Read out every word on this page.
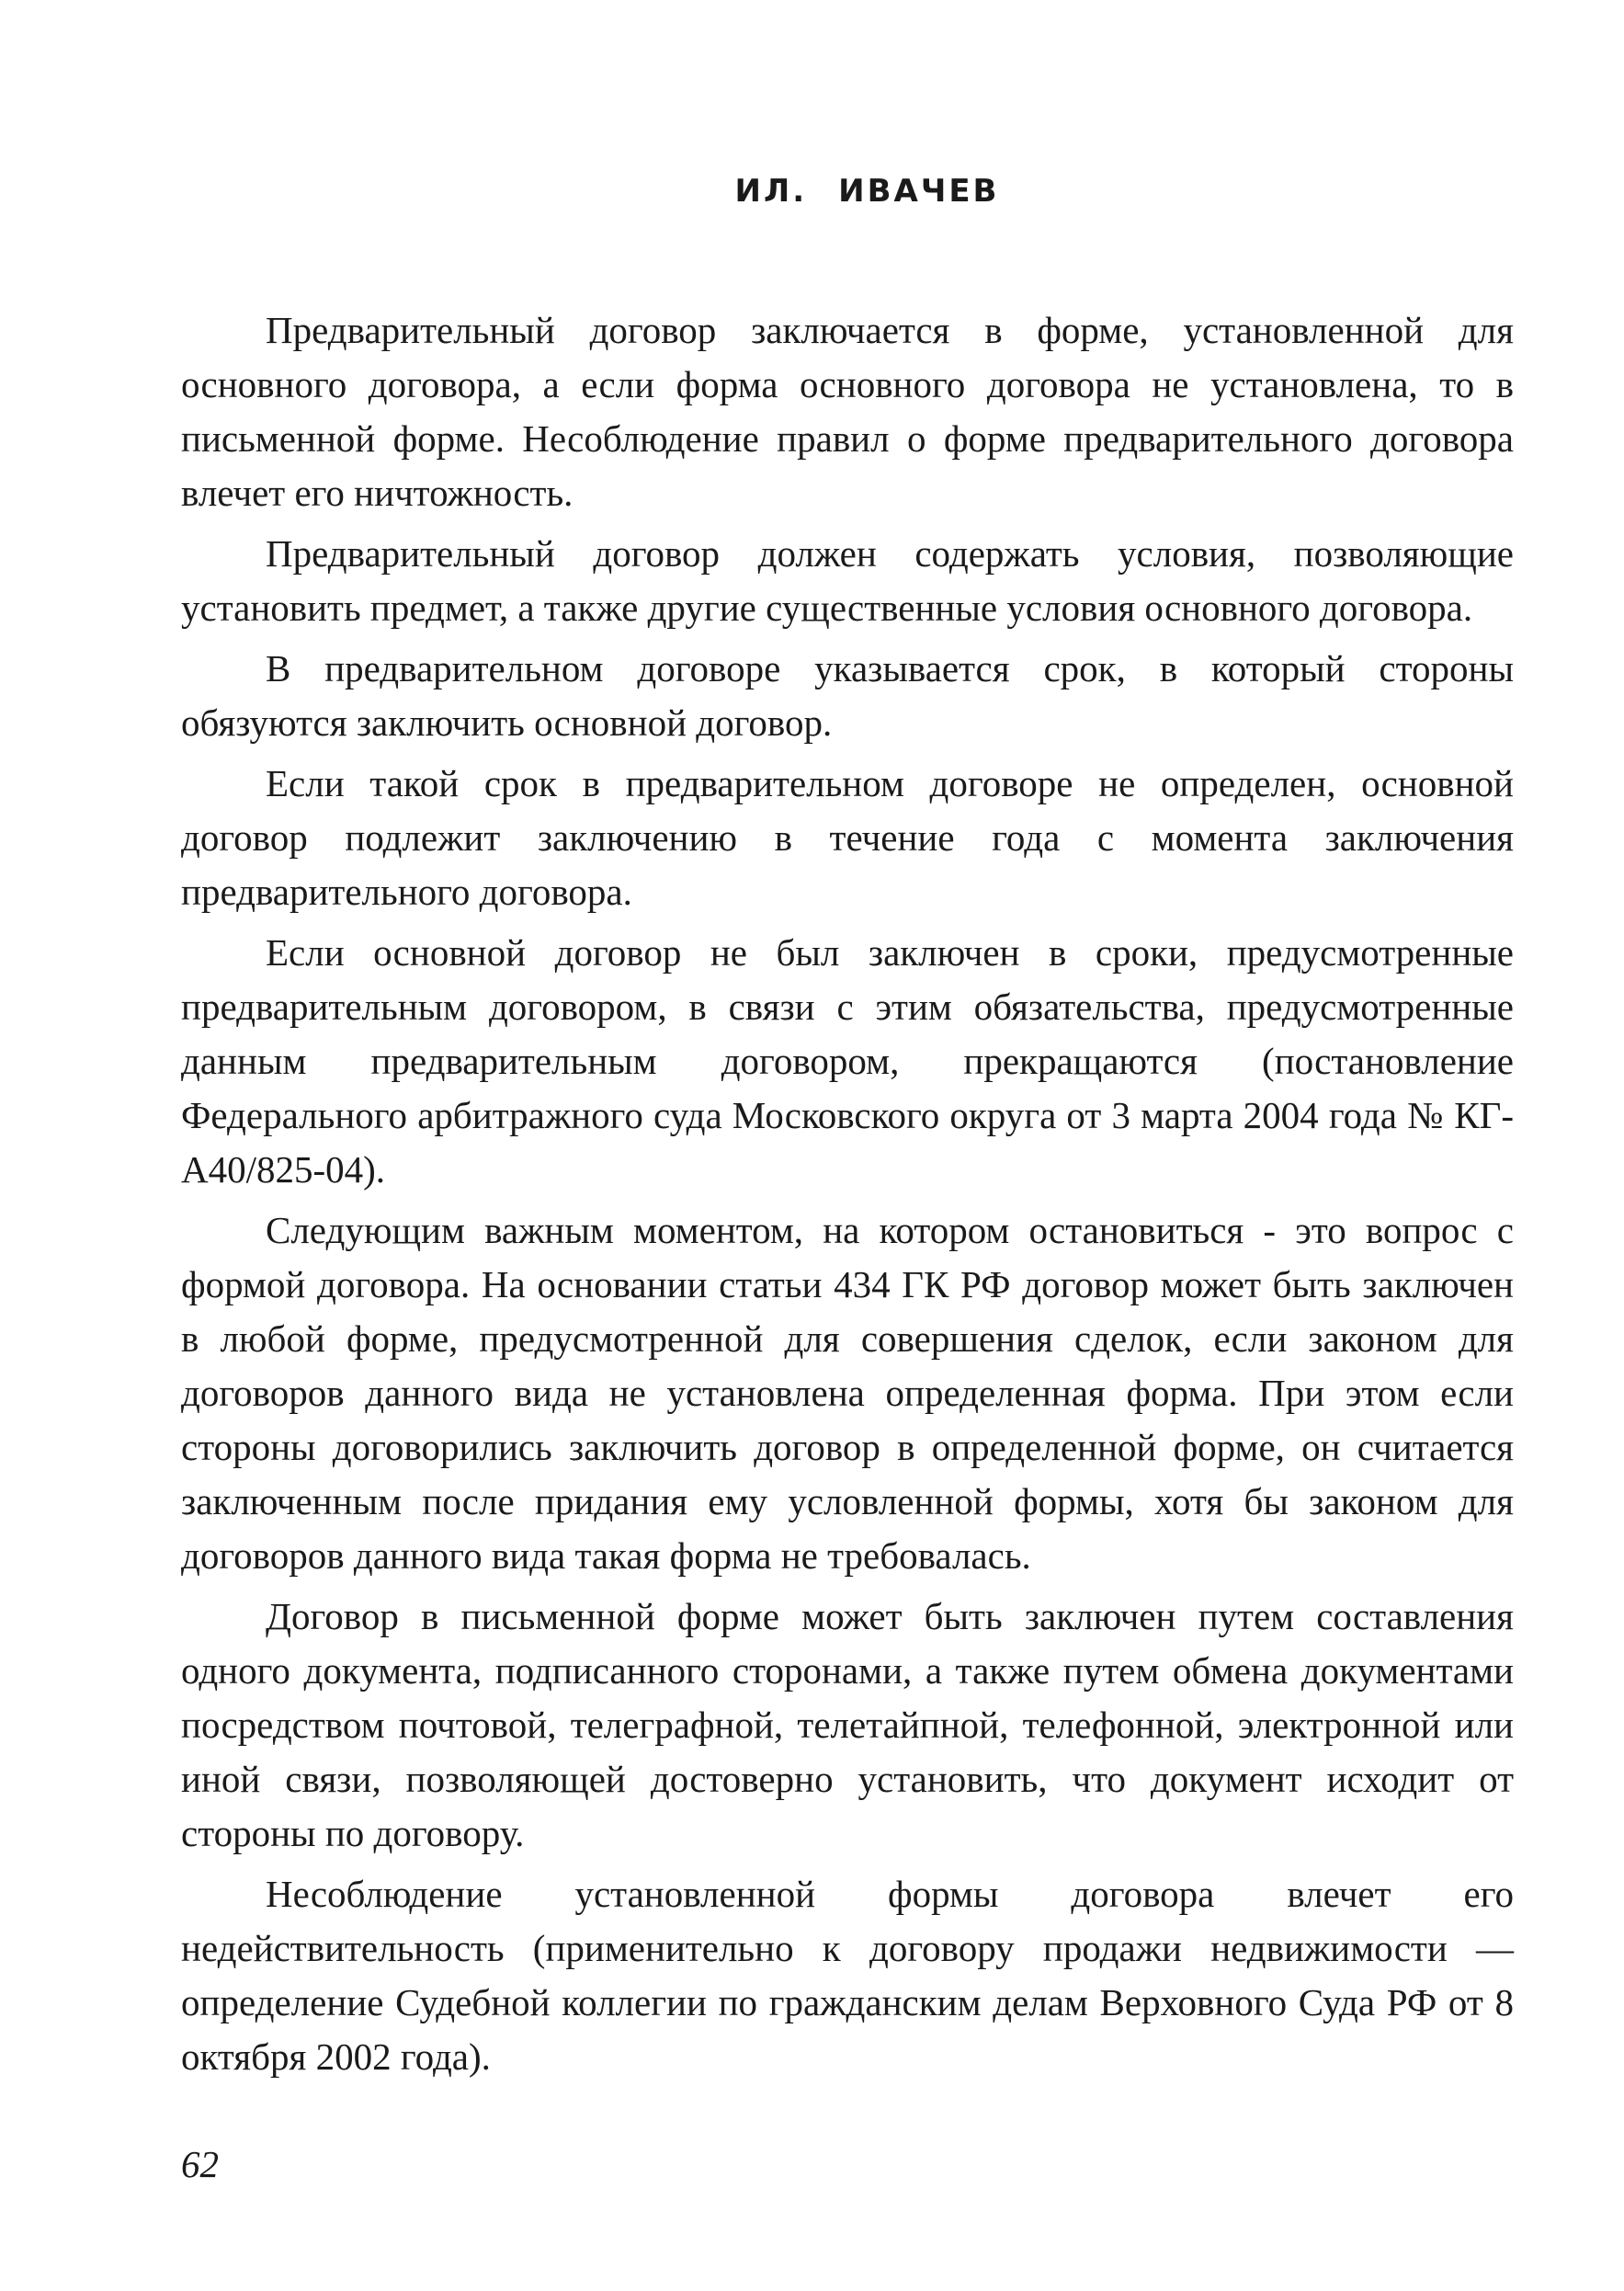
ИЛ. ИВАЧЕВ

Предварительный договор заключается в форме, установленной для основного договора, а если форма основного договора не установлена, то в письменной форме. Несоблюдение правил о форме предварительного договора влечет его ничтожность.

Предварительный договор должен содержать условия, позволяющие установить предмет, а также другие существенные условия основного договора.

В предварительном договоре указывается срок, в который стороны обязуются заключить основной договор.

Если такой срок в предварительном договоре не определен, основной договор подлежит заключению в течение года с момента заключения предварительного договора.

Если основной договор не был заключен в сроки, предусмотренные предварительным договором, в связи с этим обязательства, предусмотренные данным предварительным договором, прекращаются (постановление Федерального арбитражного суда Московского округа от 3 марта 2004 года № КГ-А40/825-04).

Следующим важным моментом, на котором остановиться - это вопрос с формой договора. На основании статьи 434 ГК РФ договор может быть заключен в любой форме, предусмотренной для совершения сделок, если законом для договоров данного вида не установлена определенная форма. При этом если стороны договорились заключить договор в определенной форме, он считается заключенным после придания ему условленной формы, хотя бы законом для договоров данного вида такая форма не требовалась.

Договор в письменной форме может быть заключен путем составления одного документа, подписанного сторонами, а также путем обмена документами посредством почтовой, телеграфной, телетайпной, телефонной, электронной или иной связи, позволяющей достоверно установить, что документ исходит от стороны по договору.

Несоблюдение установленной формы договора влечет его недействительность (применительно к договору продажи недвижимости — определение Судебной коллегии по гражданским делам Верховного Суда РФ от 8 октября 2002 года).

62
